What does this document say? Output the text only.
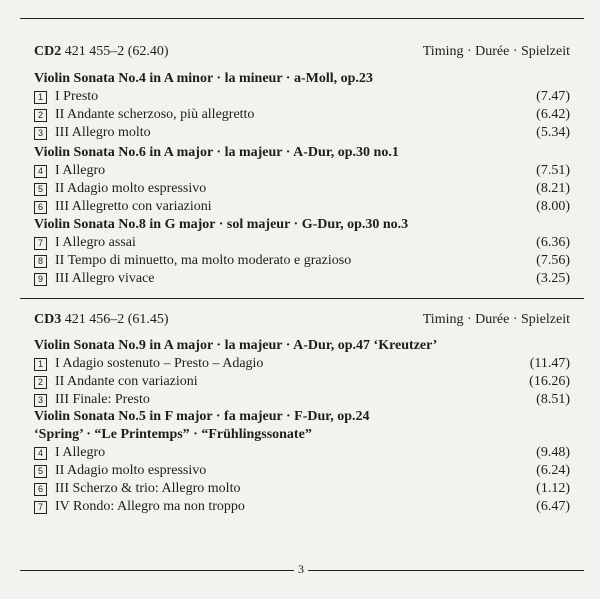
CD2 421 455–2 (62.40)	Timing · Durée · Spielzeit
Violin Sonata No.4 in A minor · la mineur · a-Moll, op.23
1 I Presto	(7.47)
2 II Andante scherzoso, più allegretto	(6.42)
3 III Allegro molto	(5.34)
Violin Sonata No.6 in A major · la majeur · A-Dur, op.30 no.1
4 I Allegro	(7.51)
5 II Adagio molto espressivo	(8.21)
6 III Allegretto con variazioni	(8.00)
Violin Sonata No.8 in G major · sol majeur · G-Dur, op.30 no.3
7 I Allegro assai	(6.36)
8 II Tempo di minuetto, ma molto moderato e grazioso	(7.56)
9 III Allegro vivace	(3.25)
CD3 421 456–2 (61.45)	Timing · Durée · Spielzeit
Violin Sonata No.9 in A major · la majeur · A-Dur, op.47 ‘Kreutzer’
1 I Adagio sostenuto – Presto – Adagio	(11.47)
2 II Andante con variazioni	(16.26)
3 III Finale: Presto	(8.51)
Violin Sonata No.5 in F major · fa majeur · F-Dur, op.24
‘Spring’ · “Le Printemps” · “Frühlingssonate”
4 I Allegro	(9.48)
5 II Adagio molto espressivo	(6.24)
6 III Scherzo & trio: Allegro molto	(1.12)
7 IV Rondo: Allegro ma non troppo	(6.47)
3
